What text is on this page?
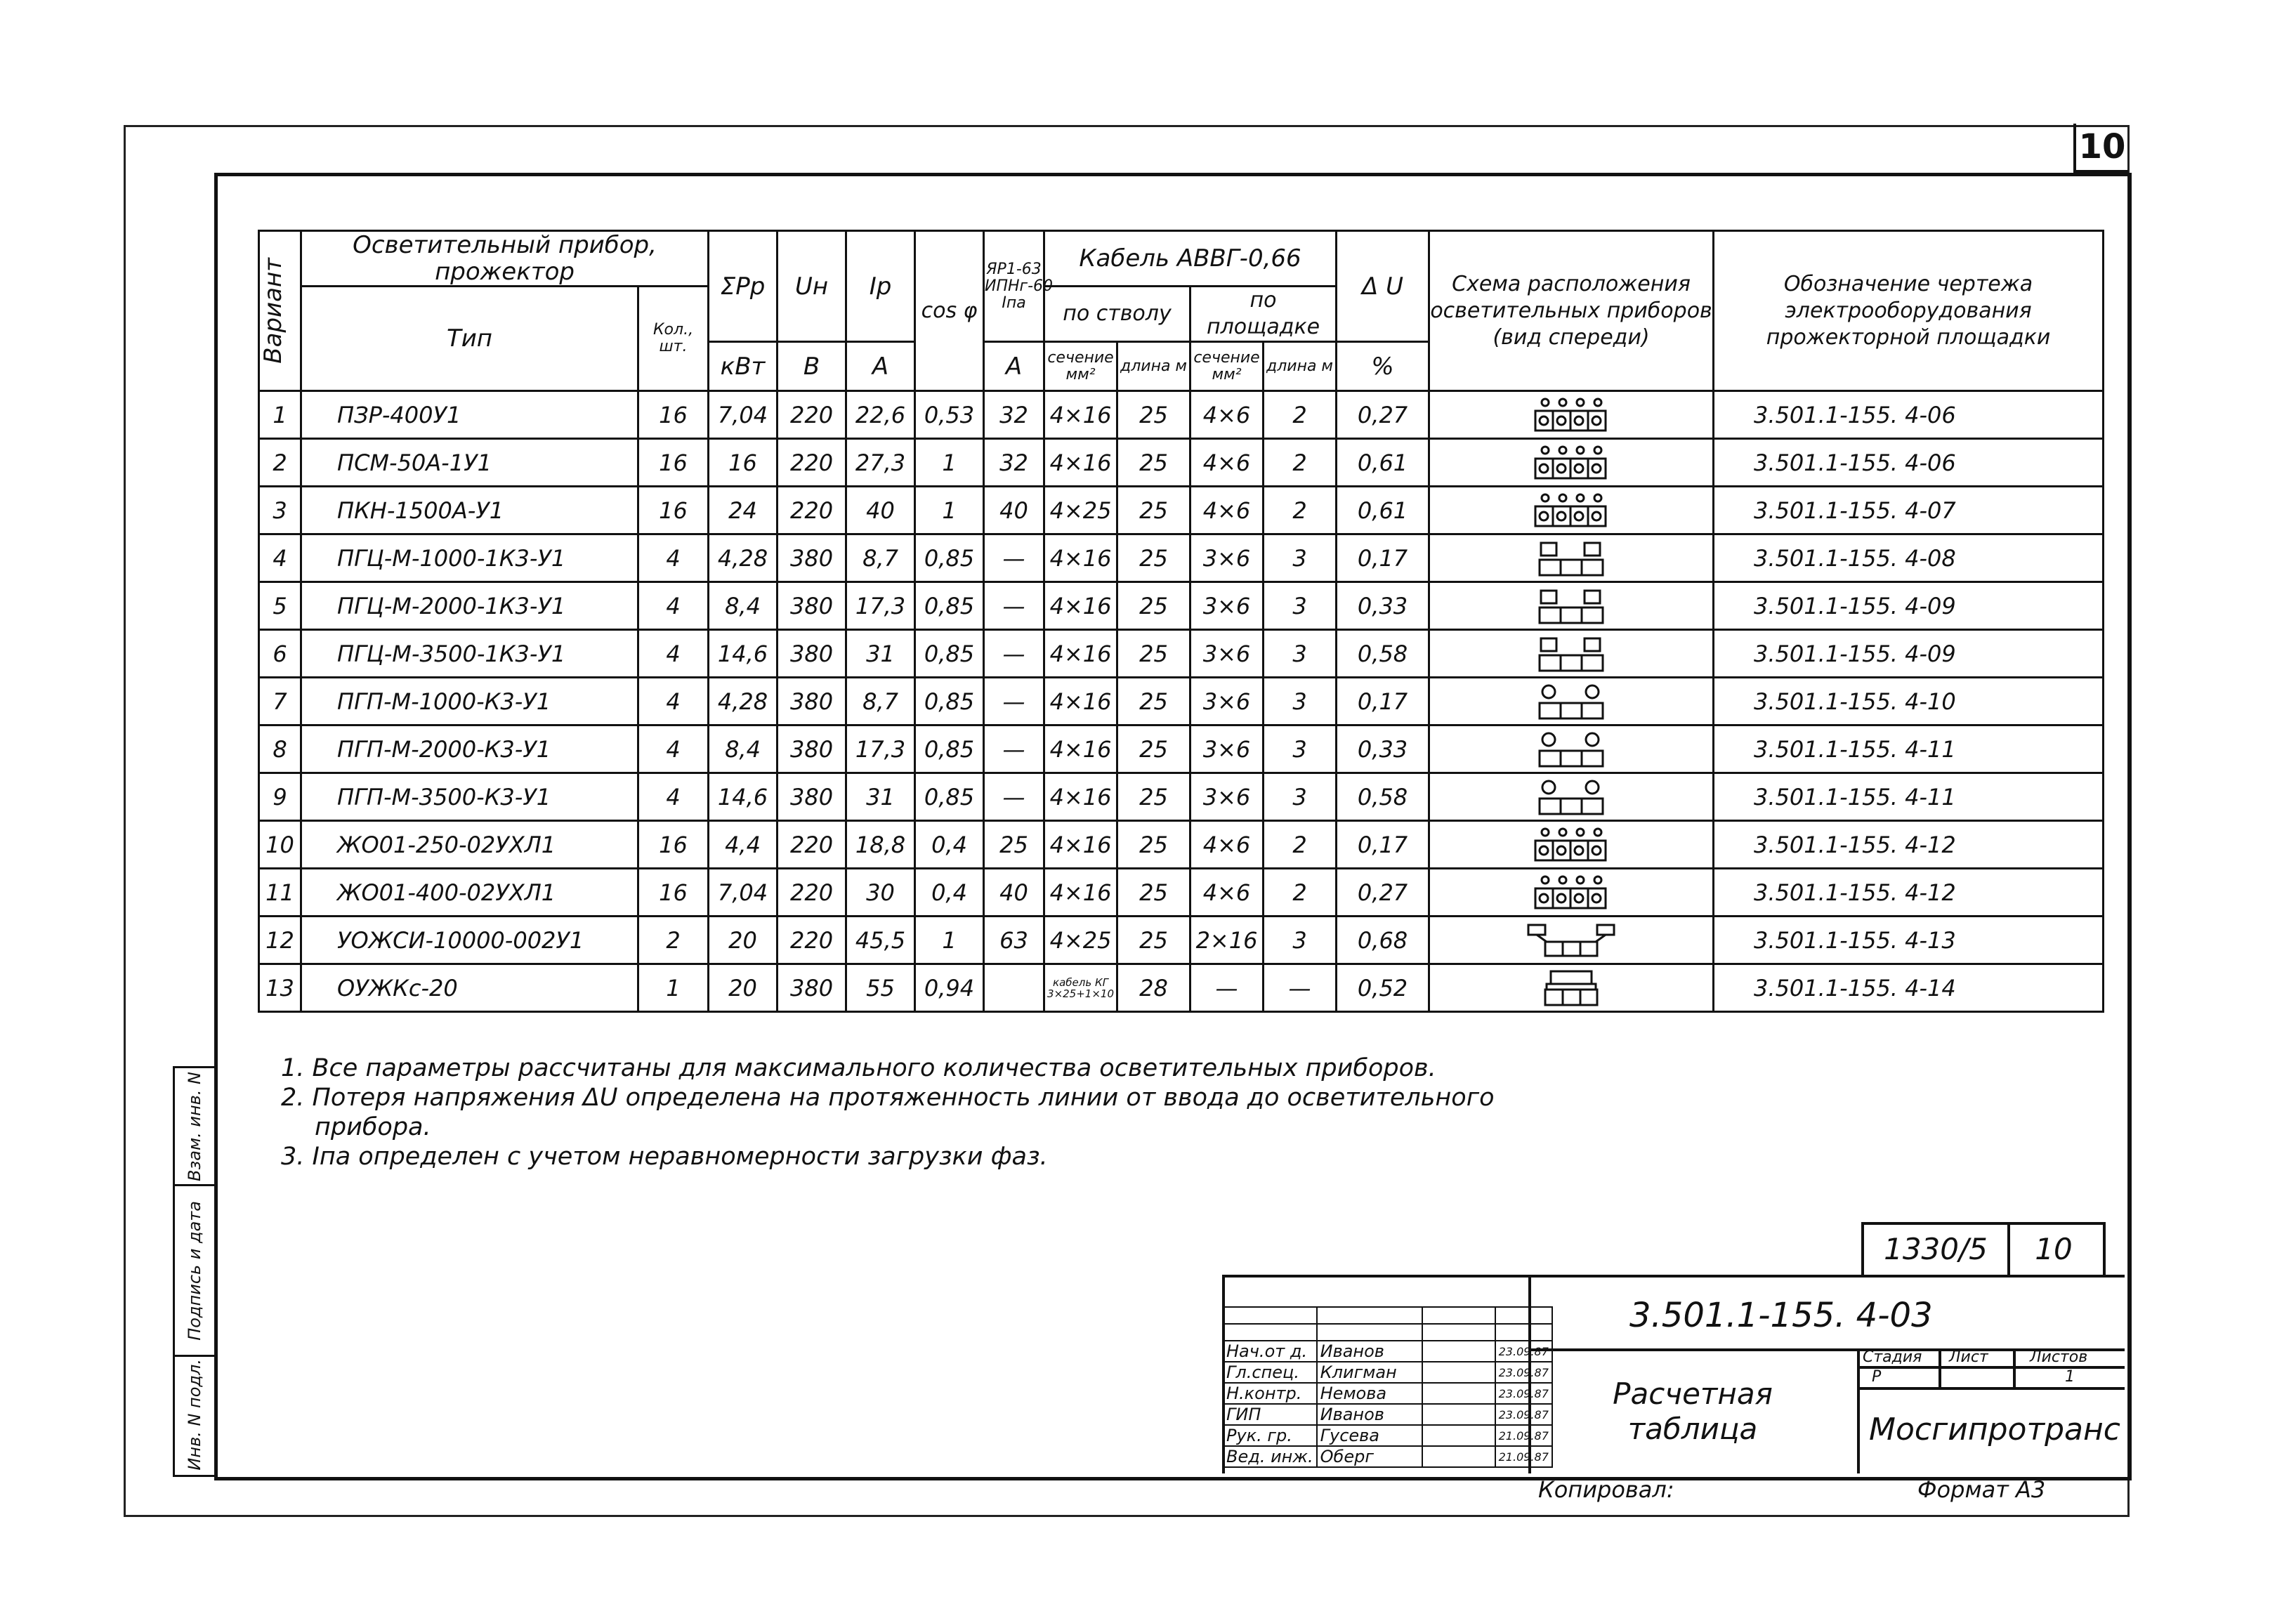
10
Вариант	Осветительный прибор, прожектор		ΣPр	Uн	Iр	cos φ	ЯР1-63 ИПНг-60 Iпа	Кабель АВВГ-0,66				Δ U	Схема расположения осветительных приборов (вид спереди)	Обозначение чертежа электрооборудования прожекторной площадки
	Тип	Кол., шт.						по стволу		по площадке				
			кВт	В	А		А	сечение мм²	длина м	сечение мм²	длина м	%		
1	ПЗР-400У1	16	7,04	220	22,6	0,53	32	4×16	25	4×6	2	0,27		3.501.1-155. 4-06
2	ПСМ-50А-1У1	16	16	220	27,3	1	32	4×16	25	4×6	2	0,61		3.501.1-155. 4-06
3	ПКН-1500А-У1	16	24	220	40	1	40	4×25	25	4×6	2	0,61		3.501.1-155. 4-07
4	ПГЦ-М-1000-1К3-У1	4	4,28	380	8,7	0,85	—	4×16	25	3×6	3	0,17		3.501.1-155. 4-08
5	ПГЦ-М-2000-1К3-У1	4	8,4	380	17,3	0,85	—	4×16	25	3×6	3	0,33		3.501.1-155. 4-09
6	ПГЦ-М-3500-1К3-У1	4	14,6	380	31	0,85	—	4×16	25	3×6	3	0,58		3.501.1-155. 4-09
7	ПГП-М-1000-К3-У1	4	4,28	380	8,7	0,85	—	4×16	25	3×6	3	0,17		3.501.1-155. 4-10
8	ПГП-М-2000-К3-У1	4	8,4	380	17,3	0,85	—	4×16	25	3×6	3	0,33		3.501.1-155. 4-11
9	ПГП-М-3500-К3-У1	4	14,6	380	31	0,85	—	4×16	25	3×6	3	0,58		3.501.1-155. 4-11
10	ЖО01-250-02УХЛ1	16	4,4	220	18,8	0,4	25	4×16	25	4×6	2	0,17		3.501.1-155. 4-12
11	ЖО01-400-02УХЛ1	16	7,04	220	30	0,4	40	4×16	25	4×6	2	0,27		3.501.1-155. 4-12
12	УОЖСИ-10000-002У1	2	20	220	45,5	1	63	4×25	25	2×16	3	0,68		3.501.1-155. 4-13
13	ОУЖКс-20	1	20	380	55	0,94		кабель КГ 3×25+1×10	28	—	—	0,52		3.501.1-155. 4-14
1. Все параметры рассчитаны для максимального количества осветительных приборов.
2. Потеря напряжения ΔU определена на протяженность линии от ввода до осветительного
прибора.
3. Iпа определен с учетом неравномерности загрузки фаз.
Взам. инв. N
Подпись и дата
Инв. N подл.
1330/5	10
3.501.1-155. 4-03
Расчетная
таблица	Мосгипротранс
Стадия Лист	Листов
Р	1

Нач.от д.	Иванов		23.09.87
Гл.спец.	Клигман		23.09.87
Н.контр.	Немова		23.09.87
ГИП	Иванов		23.09.87
Рук. гр.	Гусева		21.09.87
Вед. инж.	Оберг		21.09.87
Копировал:	Формат А3
